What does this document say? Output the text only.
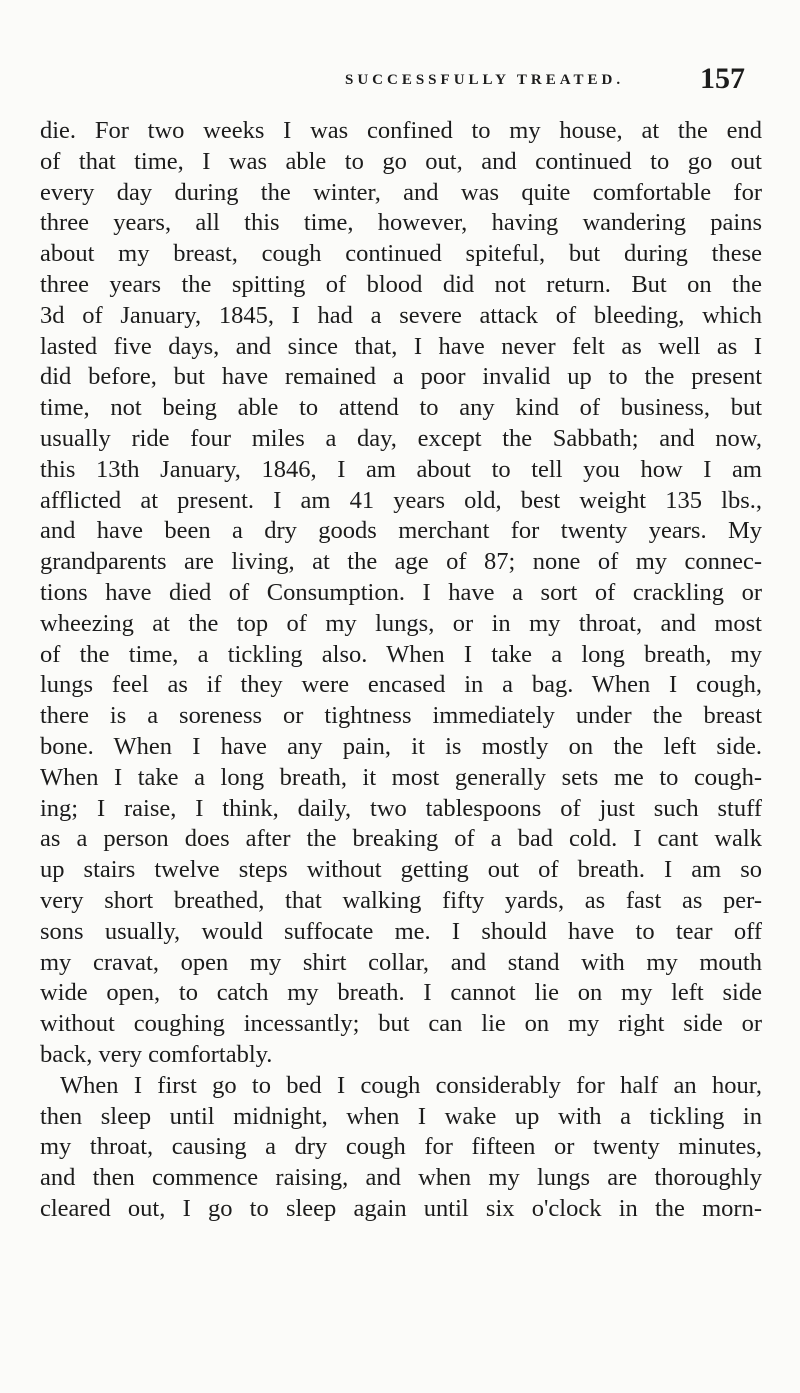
SUCCESSFULLY TREATED.	157
die. For two weeks I was confined to my house, at the end
of that time, I was able to go out, and continued to go out
every day during the winter, and was quite comfortable for
three years, all this time, however, having wandering pains
about my breast, cough continued spiteful, but during these
three years the spitting of blood did not return. But on the
3d of January, 1845, I had a severe attack of bleeding, which
lasted five days, and since that, I have never felt as well as I
did before, but have remained a poor invalid up to the present
time, not being able to attend to any kind of business, but
usually ride four miles a day, except the Sabbath; and now,
this 13th January, 1846, I am about to tell you how I am
afflicted at present. I am 41 years old, best weight 135 lbs.,
and have been a dry goods merchant for twenty years. My
grandparents are living, at the age of 87; none of my connec-
tions have died of Consumption. I have a sort of crackling or
wheezing at the top of my lungs, or in my throat, and most
of the time, a tickling also. When I take a long breath, my
lungs feel as if they were encased in a bag. When I cough,
there is a soreness or tightness immediately under the breast
bone. When I have any pain, it is mostly on the left side.
When I take a long breath, it most generally sets me to cough-
ing; I raise, I think, daily, two tablespoons of just such stuff
as a person does after the breaking of a bad cold. I cant walk
up stairs twelve steps without getting out of breath. I am so
very short breathed, that walking fifty yards, as fast as per-
sons usually, would suffocate me. I should have to tear off
my cravat, open my shirt collar, and stand with my mouth
wide open, to catch my breath. I cannot lie on my left side
without coughing incessantly; but can lie on my right side or
back, very comfortably.
When I first go to bed I cough considerably for half an hour,
then sleep until midnight, when I wake up with a tickling in
my throat, causing a dry cough for fifteen or twenty minutes,
and then commence raising, and when my lungs are thoroughly
cleared out, I go to sleep again until six o'clock in the morn-
